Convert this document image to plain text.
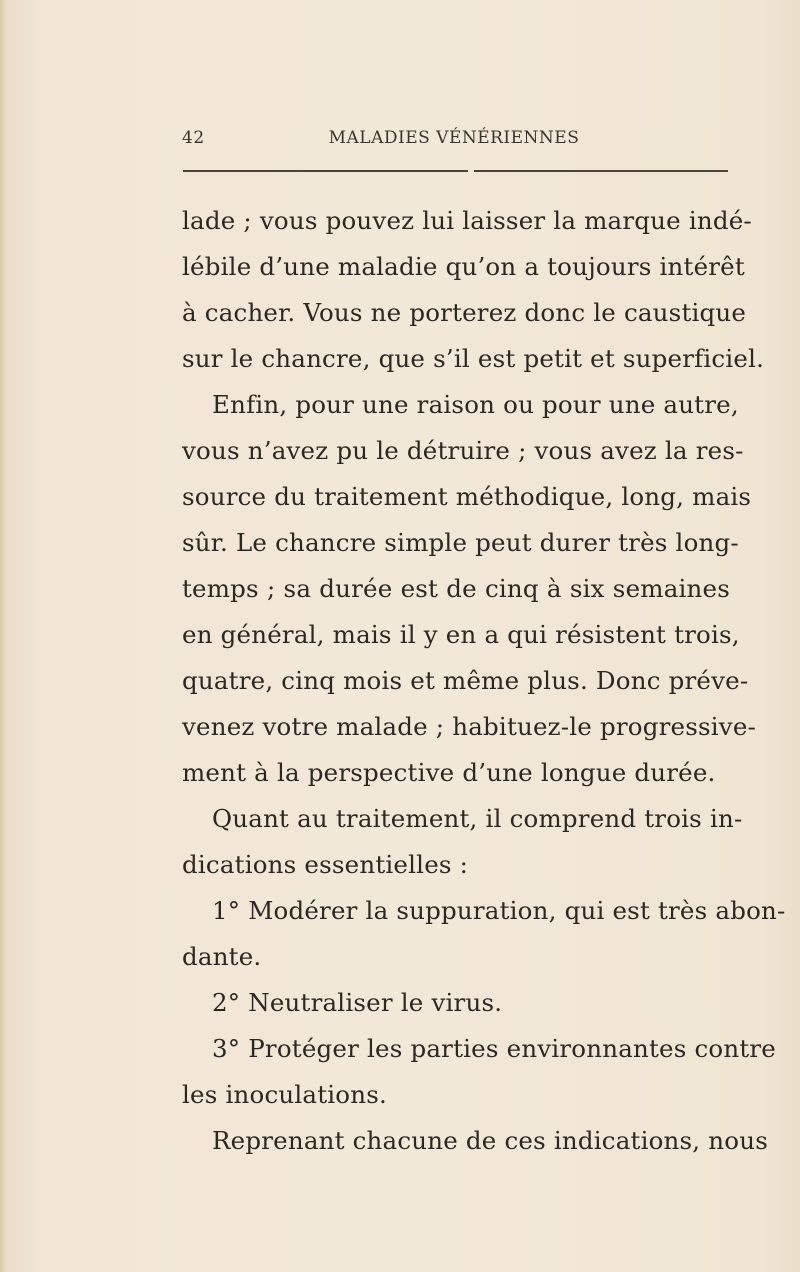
42	MALADIES VÉNÉRIENNES
lade ; vous pouvez lui laisser la marque indé-
lébile d’une maladie qu’on a toujours intérêt
à cacher. Vous ne porterez donc le caustique
sur le chancre, que s’il est petit et superficiel.
Enfin, pour une raison ou pour une autre,
vous n’avez pu le détruire ; vous avez la res-
source du traitement méthodique, long, mais
sûr. Le chancre simple peut durer très long-
temps ; sa durée est de cinq à six semaines
en général, mais il y en a qui résistent trois,
quatre, cinq mois et même plus. Donc préve-
venez votre malade ; habituez-le progressive-
ment à la perspective d’une longue durée.
Quant au traitement, il comprend trois in-
dications essentielles :
1° Modérer la suppuration, qui est très abon-
dante.
2° Neutraliser le virus.
3° Protéger les parties environnantes contre
les inoculations.
Reprenant chacune de ces indications, nous
